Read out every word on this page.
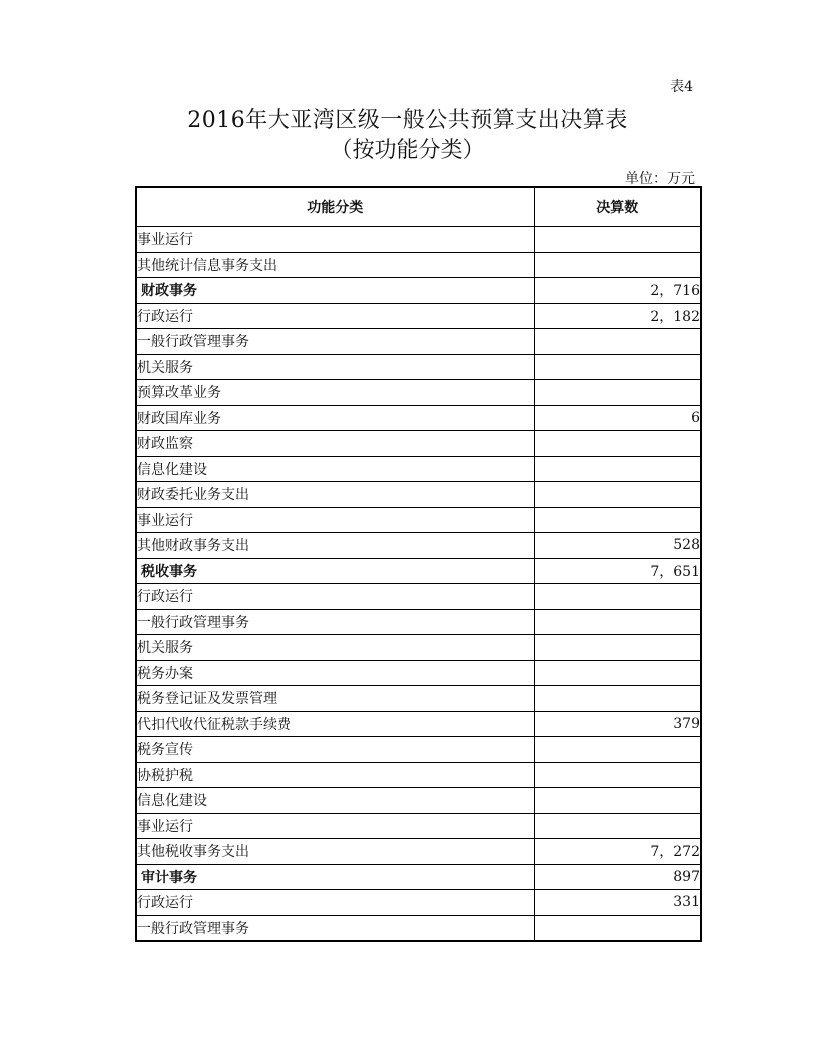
表4
2016年大亚湾区级一般公共预算支出决算表
（按功能分类）
单位：万元
功能分类	决算数
事业运行	
其他统计信息事务支出	
财政事务	2，716
行政运行	2，182
一般行政管理事务	
机关服务	
预算改革业务	
财政国库业务	6
财政监察	
信息化建设	
财政委托业务支出	
事业运行	
其他财政事务支出	528
税收事务	7，651
行政运行	
一般行政管理事务	
机关服务	
税务办案	
税务登记证及发票管理	
代扣代收代征税款手续费	379
税务宣传	
协税护税	
信息化建设	
事业运行	
其他税收事务支出	7，272
审计事务	897
行政运行	331
一般行政管理事务	
